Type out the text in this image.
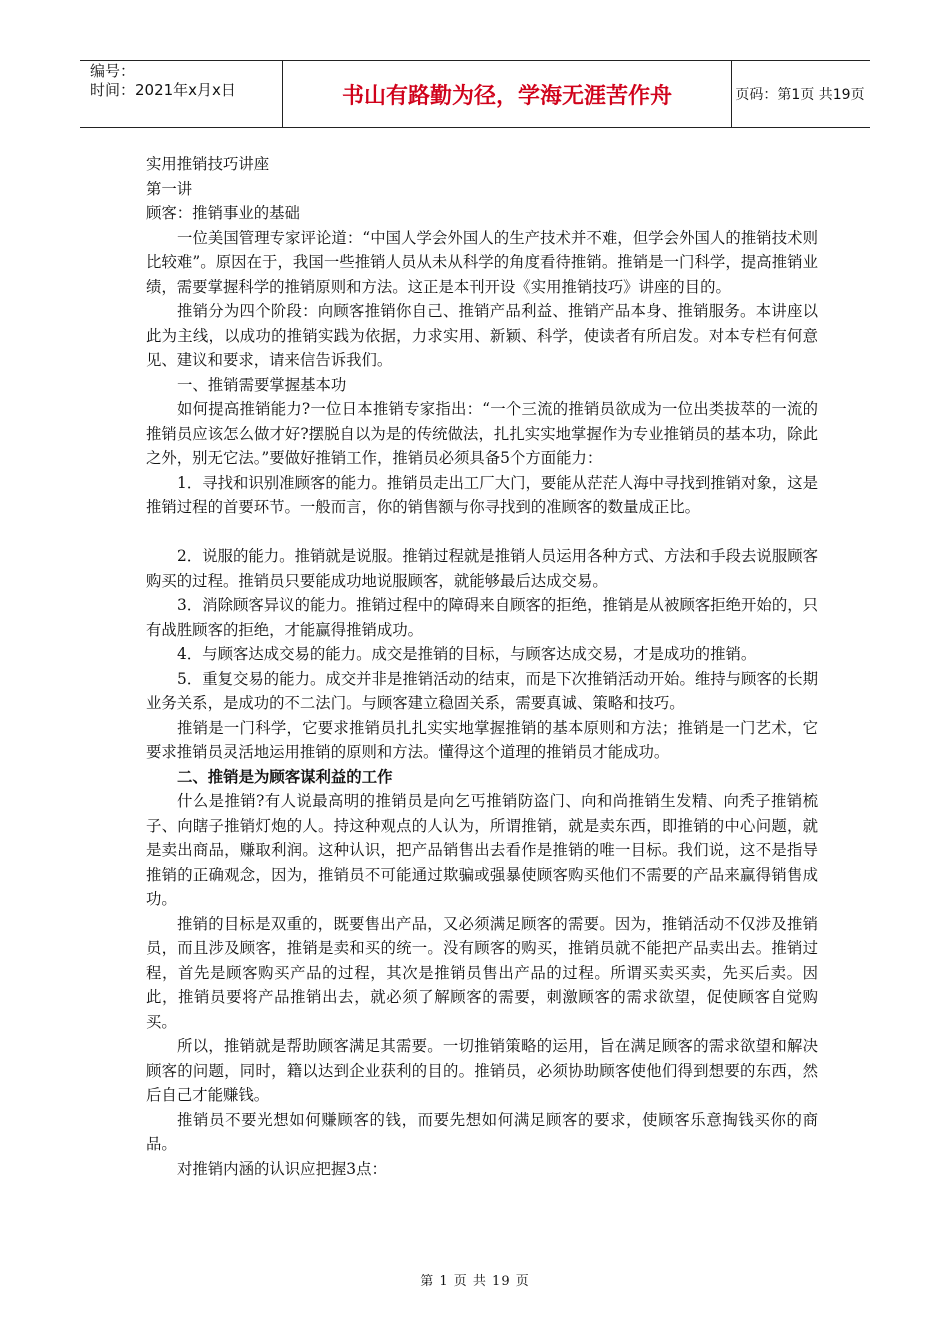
编号：
时间：2021年x月x日	书山有路勤为径，学海无涯苦作舟	页码：第1页 共19页

实用推销技巧讲座

第一讲

顾客：推销事业的基础

一位美国管理专家评论道：“中国人学会外国人的生产技术并不难，但学会外国人的推销技术则比较难”。原因在于，我国一些推销人员从未从科学的角度看待推销。推销是一门科学，提高推销业绩，需要掌握科学的推销原则和方法。这正是本刊开设《实用推销技巧》讲座的目的。

推销分为四个阶段：向顾客推销你自己、推销产品利益、推销产品本身、推销服务。本讲座以此为主线，以成功的推销实践为依据，力求实用、新颖、科学，使读者有所启发。对本专栏有何意见、建议和要求，请来信告诉我们。

一、推销需要掌握基本功

如何提高推销能力?一位日本推销专家指出：“一个三流的推销员欲成为一位出类拔萃的一流的推销员应该怎么做才好?摆脱自以为是的传统做法，扎扎实实地掌握作为专业推销员的基本功，除此之外，别无它法。”要做好推销工作，推销员必须具备5个方面能力：

1．寻找和识别准顾客的能力。推销员走出工厂大门，要能从茫茫人海中寻找到推销对象，这是推销过程的首要环节。一般而言，你的销售额与你寻找到的准顾客的数量成正比。

2．说服的能力。推销就是说服。推销过程就是推销人员运用各种方式、方法和手段去说服顾客购买的过程。推销员只要能成功地说服顾客，就能够最后达成交易。

3．消除顾客异议的能力。推销过程中的障碍来自顾客的拒绝，推销是从被顾客拒绝开始的，只有战胜顾客的拒绝，才能赢得推销成功。

4．与顾客达成交易的能力。成交是推销的目标，与顾客达成交易，才是成功的推销。

5．重复交易的能力。成交并非是推销活动的结束，而是下次推销活动开始。维持与顾客的长期业务关系，是成功的不二法门。与顾客建立稳固关系，需要真诚、策略和技巧。

推销是一门科学，它要求推销员扎扎实实地掌握推销的基本原则和方法；推销是一门艺术，它要求推销员灵活地运用推销的原则和方法。懂得这个道理的推销员才能成功。

二、推销是为顾客谋利益的工作

什么是推销?有人说最高明的推销员是向乞丐推销防盗门、向和尚推销生发精、向秃子推销梳子、向瞎子推销灯炮的人。持这种观点的人认为，所谓推销，就是卖东西，即推销的中心问题，就是卖出商品，赚取利润。这种认识，把产品销售出去看作是推销的唯一目标。我们说，这不是指导推销的正确观念，因为，推销员不可能通过欺骗或强暴使顾客购买他们不需要的产品来赢得销售成功。

推销的目标是双重的，既要售出产品，又必须满足顾客的需要。因为，推销活动不仅涉及推销员，而且涉及顾客，推销是卖和买的统一。没有顾客的购买，推销员就不能把产品卖出去。推销过程，首先是顾客购买产品的过程，其次是推销员售出产品的过程。所谓买卖买卖，先买后卖。因此，推销员要将产品推销出去，就必须了解顾客的需要，刺激顾客的需求欲望，促使顾客自觉购买。

所以，推销就是帮助顾客满足其需要。一切推销策略的运用，旨在满足顾客的需求欲望和解决顾客的问题，同时，籍以达到企业获利的目的。推销员，必须协助顾客使他们得到想要的东西，然后自己才能赚钱。

推销员不要光想如何赚顾客的钱，而要先想如何满足顾客的要求，使顾客乐意掏钱买你的商品。

对推销内涵的认识应把握3点：

第 1 页 共 19 页
